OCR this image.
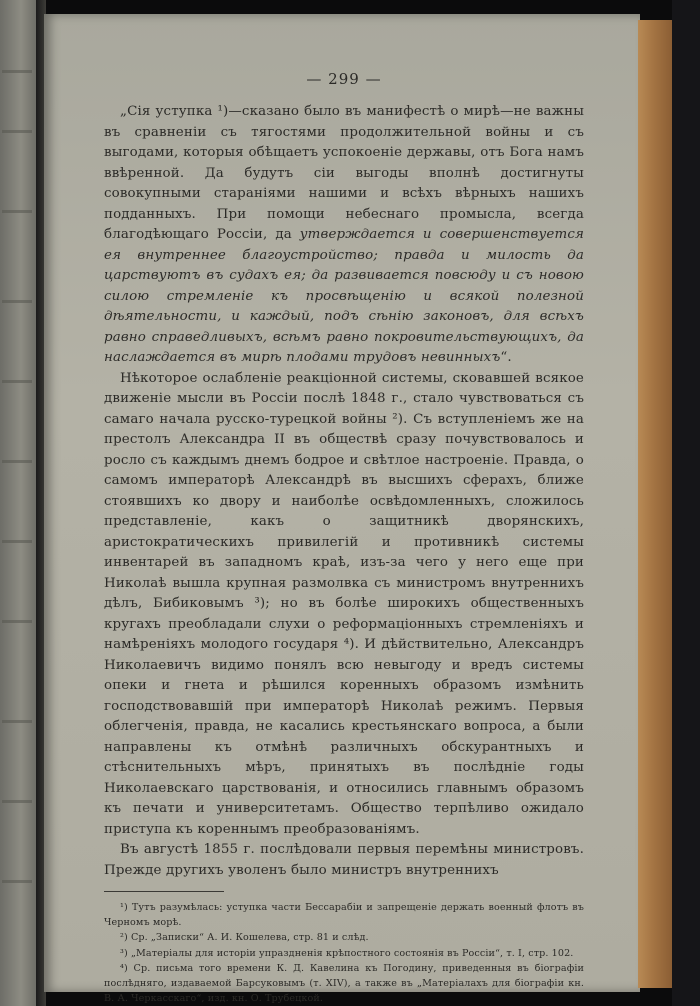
— 299 —

„Сія уступка ¹)—сказано было въ манифестѣ о мирѣ—не важны въ сравненіи съ тягостями продолжительной войны и съ выгодами, которыя обѣщаетъ успокоеніе державы, отъ Бога намъ ввѣренной. Да будутъ сіи выгоды вполнѣ достигнуты совокупными стараніями нашими и всѣхъ вѣрныхъ нашихъ подданныхъ. При помощи небеснаго промысла, всегда благодѣющаго Россіи, да утверждается и совершенствуется ея внутреннее благоустройство; правда и милость да царствуютъ въ судахъ ея; да развивается повсюду и съ новою силою стремленіе къ просвѣщенію и всякой полезной дѣятельности, и каждый, подъ сѣнію законовъ, для всѣхъ равно справедливыхъ, всѣмъ равно покровительствующихъ, да наслаждается въ мирѣ плодами трудовъ невинныхъ“.

Нѣкоторое ослабленіе реакціонной системы, сковавшей всякое движеніе мысли въ Россіи послѣ 1848 г., стало чувствоваться съ самаго начала русско-турецкой войны ²). Съ вступленіемъ же на престолъ Александра II въ обществѣ сразу почувствовалось и росло съ каждымъ днемъ бодрое и свѣтлое настроеніе. Правда, о самомъ императорѣ Александрѣ въ высшихъ сферахъ, ближе стоявшихъ ко двору и наиболѣе освѣдомленныхъ, сложилось представленіе, какъ о защитникѣ дворянскихъ, аристократическихъ привилегій и противникѣ системы инвентарей въ западномъ краѣ, изъ-за чего у него еще при Николаѣ вышла крупная размолвка съ министромъ внутреннихъ дѣлъ, Бибиковымъ ³); но въ болѣе широкихъ общественныхъ кругахъ преобладали слухи о реформаціонныхъ стремленіяхъ и намѣреніяхъ молодого государя ⁴). И дѣйствительно, Александръ Николаевичъ видимо понялъ всю невыгоду и вредъ системы опеки и гнета и рѣшился коренныхъ образомъ измѣнить господствовавшій при императорѣ Николаѣ режимъ. Первыя облегченія, правда, не касались крестьянскаго вопроса, а были направлены къ отмѣнѣ различныхъ обскурантныхъ и стѣснительныхъ мѣръ, принятыхъ въ послѣдніе годы Николаевскаго царствованія, и относились главнымъ образомъ къ печати и университетамъ. Общество терпѣливо ожидало приступа къ кореннымъ преобразованіямъ.

Въ августѣ 1855 г. послѣдовали первыя перемѣны министровъ. Прежде другихъ уволенъ было министръ внутреннихъ

¹) Тутъ разумѣлась: уступка части Бессарабіи и запрещеніе держать военный флотъ въ Черномъ морѣ.

²) Ср. „Записки“ А. И. Кошелева, стр. 81 и слѣд.

³) „Матеріалы для исторіи упраздненія крѣпостного состоянія въ Россіи“, т. I, стр. 102.

⁴) Ср. письма того времени К. Д. Кавелина къ Погодину, приведенныя въ біографіи послѣдняго, издаваемой Барсуковымъ (т. XIV), а также въ „Матеріалахъ для біографіи кн. В. А. Черкасскаго“, изд. кн. О. Трубецкой.
